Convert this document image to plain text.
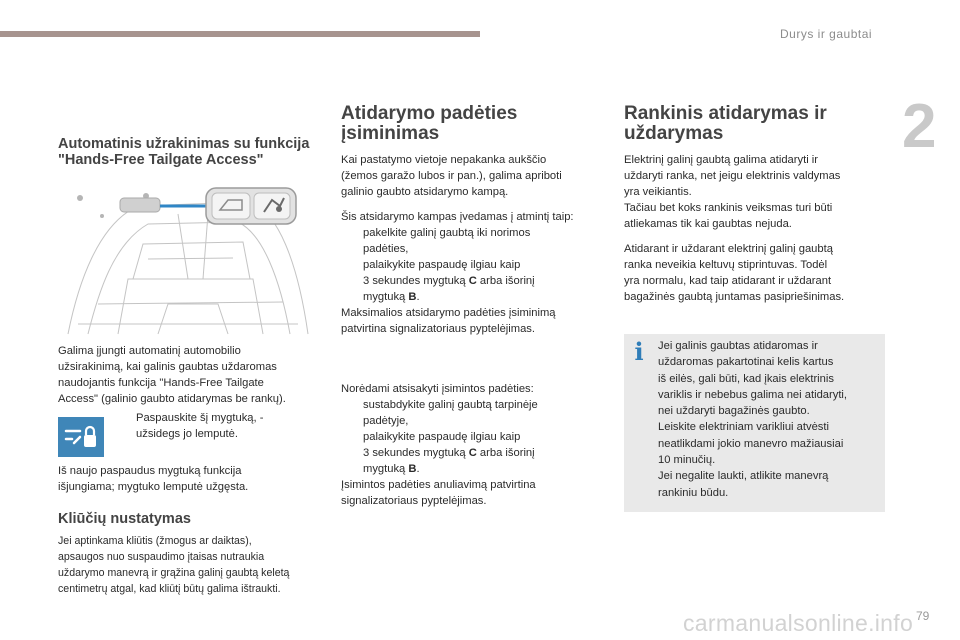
Durys ir gaubtai
2
carmanualsonline.info 79
Automatinis užrakinimas su funkcija
"Hands-Free Tailgate Access"

Galima įjungti automatinį automobilio
užsirakinimą, kai galinis gaubtas uždaromas
naudojantis funkcija "Hands-Free Tailgate
Access" (galinio gaubto atidarymas be rankų).

Paspauskite šį mygtuką, -
užsidegs jo lemputė.

Iš naujo paspaudus mygtuką funkcija
išjungiama; mygtuko lemputė užgęsta.

Kliūčių nustatymas

Jei aptinkama kliūtis (žmogus ar daiktas),
apsaugos nuo suspaudimo įtaisas nutraukia
uždarymo manevrą ir grąžina galinį gaubtą keletą
centimetrų atgal, kad kliūtį būtų galima ištraukti.

Atidarymo padėties
įsiminimas

Kai pastatymo vietoje nepakanka aukščio
(žemos garažo lubos ir pan.), galima apriboti
galinio gaubto atsidarymo kampą.

Šis atsidarymo kampas įvedamas į atmintį taip:

pakelkite galinį gaubtą iki norimos
padėties,
palaikykite paspaudę ilgiau kaip
3 sekundes mygtuką C arba išorinį
mygtuką B.

Maksimalios atsidarymo padėties įsiminimą
patvirtina signalizatoriaus pyptelėjimas.

Norėdami atsisakyti įsimintos padėties:

sustabdykite galinį gaubtą tarpinėje
padėtyje,
palaikykite paspaudę ilgiau kaip
3 sekundes mygtuką C arba išorinį
mygtuką B.

Įsimintos padėties anuliavimą patvirtina
signalizatoriaus pyptelėjimas.

Rankinis atidarymas ir
uždarymas

Elektrinį galinį gaubtą galima atidaryti ir
uždaryti ranka, net jeigu elektrinis valdymas
yra veikiantis.
Tačiau bet koks rankinis veiksmas turi būti
atliekamas tik kai gaubtas nejuda.

Atidarant ir uždarant elektrinį galinį gaubtą
ranka neveikia keltuvų stiprintuvas. Todėl
yra normalu, kad taip atidarant ir uždarant
bagažinės gaubtą juntamas pasipriešinimas.

i	Jei galinis gaubtas atidaromas ir
uždaromas pakartotinai kelis kartus
iš eilės, gali būti, kad įkais elektrinis
variklis ir nebebus galima nei atidaryti,
nei uždaryti bagažinės gaubto.
Leiskite elektriniam varikliui atvėsti
neatlikdami jokio manevro mažiausiai
10 minučių.
Jei negalite laukti, atlikite manevrą
rankiniu būdu.
